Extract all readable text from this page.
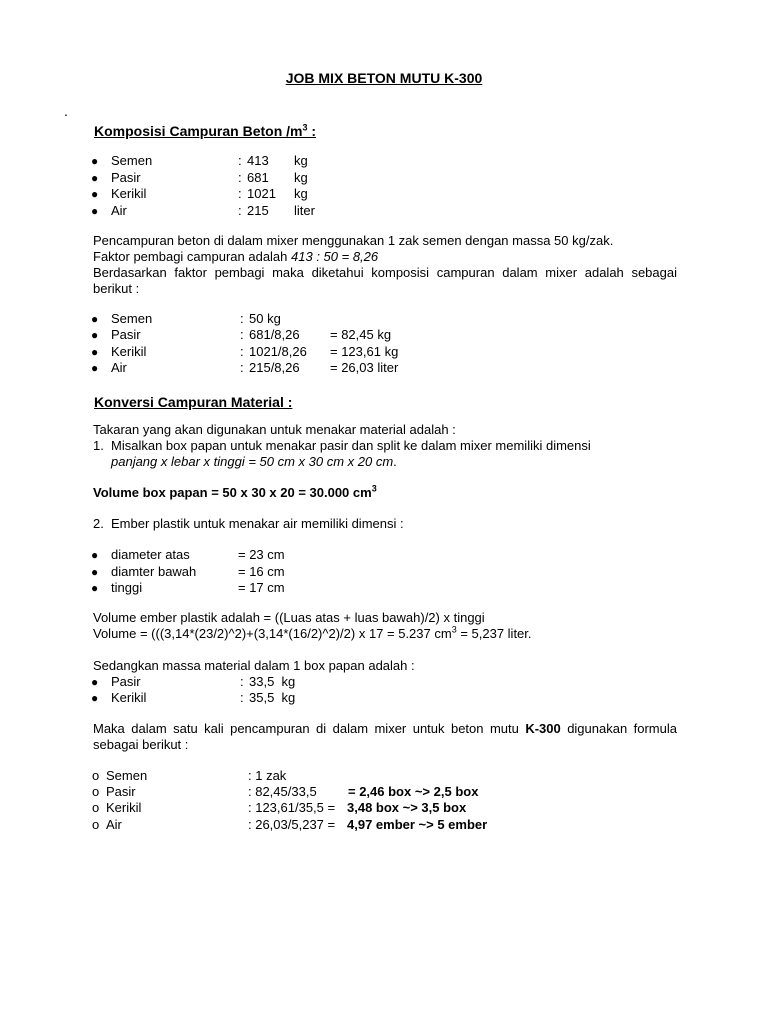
JOB MIX BETON MUTU K-300
.
Komposisi Campuran Beton $/m^3$ :
● Semen	: 413 kg
● Pasir	: 681 kg
● Kerikil	: 1021 kg
● Air	: 215 liter
Pencampuran beton di dalam mixer menggunakan 1 zak semen dengan massa 50 kg/zak.
Faktor pembagi campuran adalah 413 : 50 = 8,26
Berdasarkan faktor pembagi maka diketahui komposisi campuran dalam mixer adalah sebagai berikut :
● Semen	: 50 kg
● Pasir	: 681/8,26 = 82,45 kg
● Kerikil	: 1021/8,26 = 123,61 kg
● Air	: 215/8,26 = 26,03 liter
Konversi Campuran Material :
Takaran yang akan digunakan untuk menakar material adalah :
1. Misalkan box papan untuk menakar pasir dan split ke dalam mixer memiliki dimensi
panjang x lebar x tinggi = 50 cm x 30 cm x 20 cm.
Volume box papan = 50 x 30 x 20 = 30.000 $cm^3$
2. Ember plastik untuk menakar air memiliki dimensi :
● diameter atas	= 23 cm
● diamter bawah	= 16 cm
● tinggi	= 17 cm
Volume ember plastik adalah = ((Luas atas + luas bawah)/2) x tinggi
Volume = (((3,14*(23/2)^2)+(3,14*(16/2)^2)/2) x 17 = 5.237 $cm^3 = 5,237$ liter.
Sedangkan massa material dalam 1 box papan adalah :
● Pasir	: 33,5  kg
● Kerikil	: 35,5  kg
Maka dalam satu kali pencampuran di dalam mixer untuk beton mutu K-300 digunakan formula sebagai berikut :
o Semen	: 1 zak
o Pasir	: 82,45/33,5 = 2,46 box ~> 2,5 box
o Kerikil	: 123,61/35,5 = 3,48 box ~> 3,5 box
o Air	: 26,03/5,237 = 4,97 ember ~> 5 ember
